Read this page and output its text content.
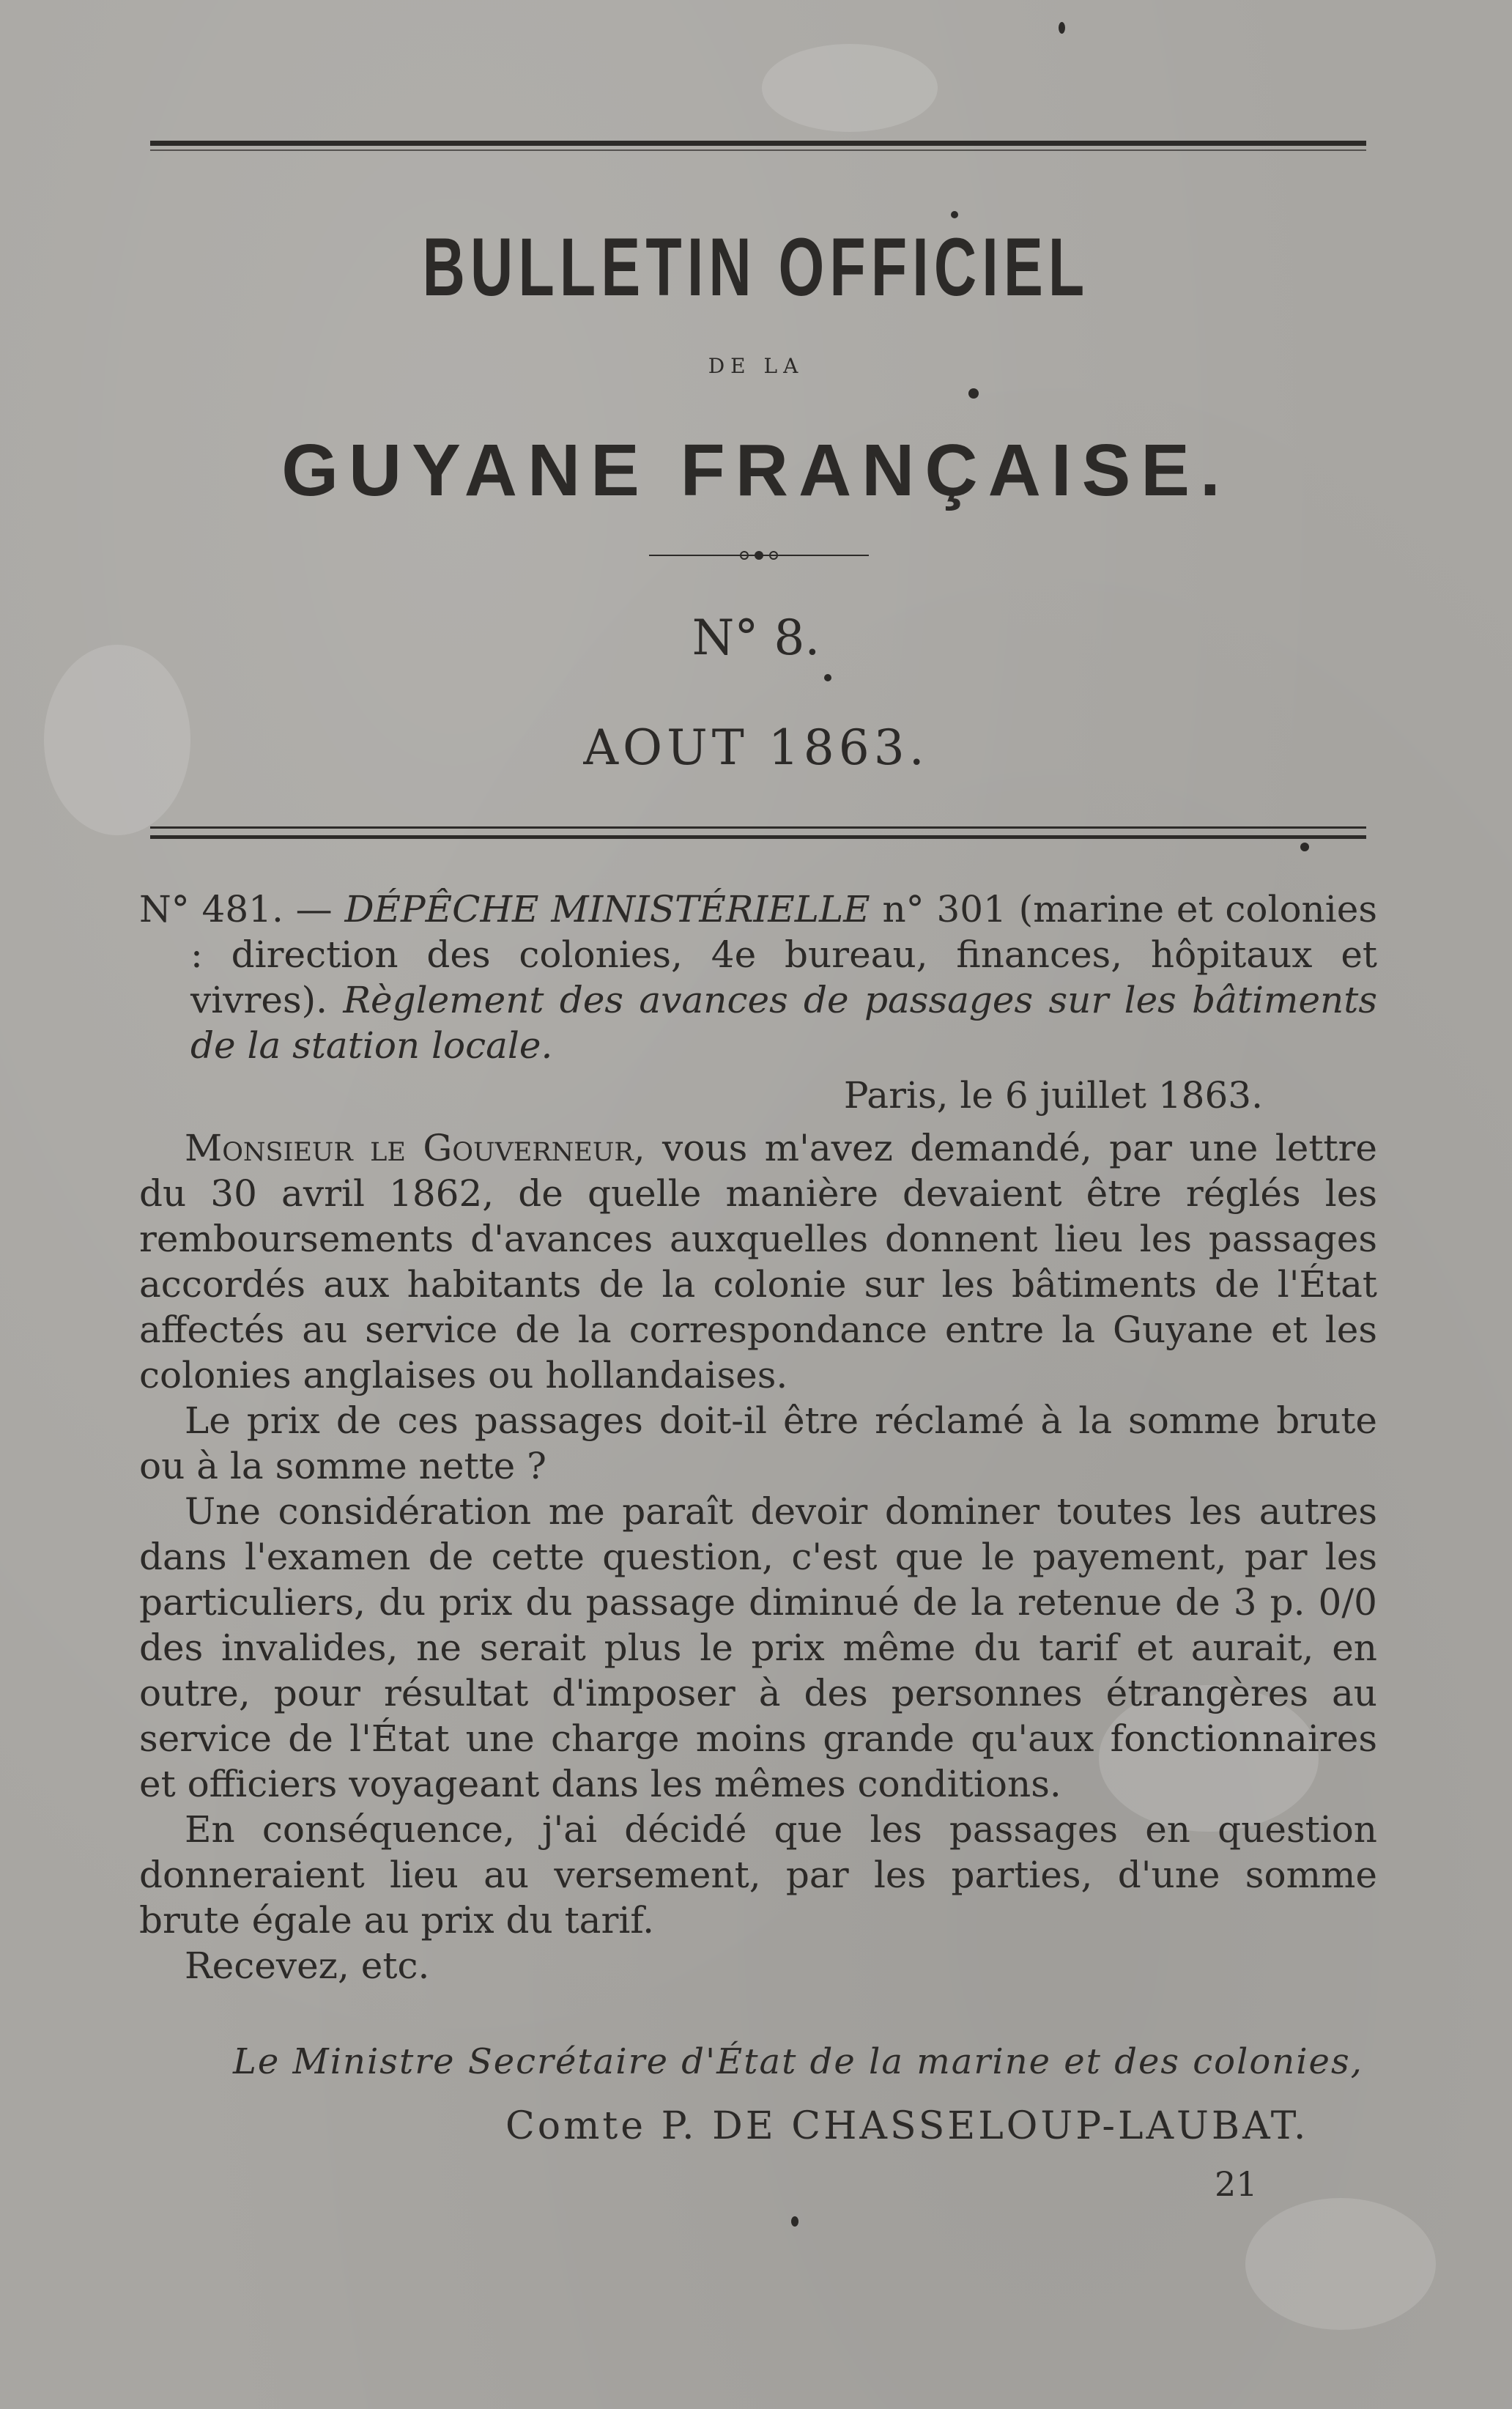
BULLETIN OFFICIEL
DE LA
GUYANE FRANÇAISE.
N° 8.
AOUT 1863.

N° 481. — DÉPÊCHE MINISTÉRIELLE n° 301 (marine et colonies : direction des colonies, 4e bureau, finances, hôpitaux et vivres). Règlement des avances de passages sur les bâtiments de la station locale.

Paris, le 6 juillet 1863.

Monsieur le Gouverneur, vous m'avez demandé, par une lettre du 30 avril 1862, de quelle manière devaient être réglés les remboursements d'avances auxquelles donnent lieu les passages accordés aux habitants de la colonie sur les bâtiments de l'État affectés au service de la correspondance entre la Guyane et les colonies anglaises ou hollandaises.

Le prix de ces passages doit-il être réclamé à la somme brute ou à la somme nette ?

Une considération me paraît devoir dominer toutes les autres dans l'examen de cette question, c'est que le payement, par les particuliers, du prix du passage diminué de la retenue de 3 p. 0/0 des invalides, ne serait plus le prix même du tarif et aurait, en outre, pour résultat d'imposer à des personnes étrangères au service de l'État une charge moins grande qu'aux fonctionnaires et officiers voyageant dans les mêmes conditions.

En conséquence, j'ai décidé que les passages en question donneraient lieu au versement, par les parties, d'une somme brute égale au prix du tarif.

Recevez, etc.

Le Ministre Secrétaire d'État de la marine et des colonies,
Comte P. DE CHASSELOUP-LAUBAT.
21
